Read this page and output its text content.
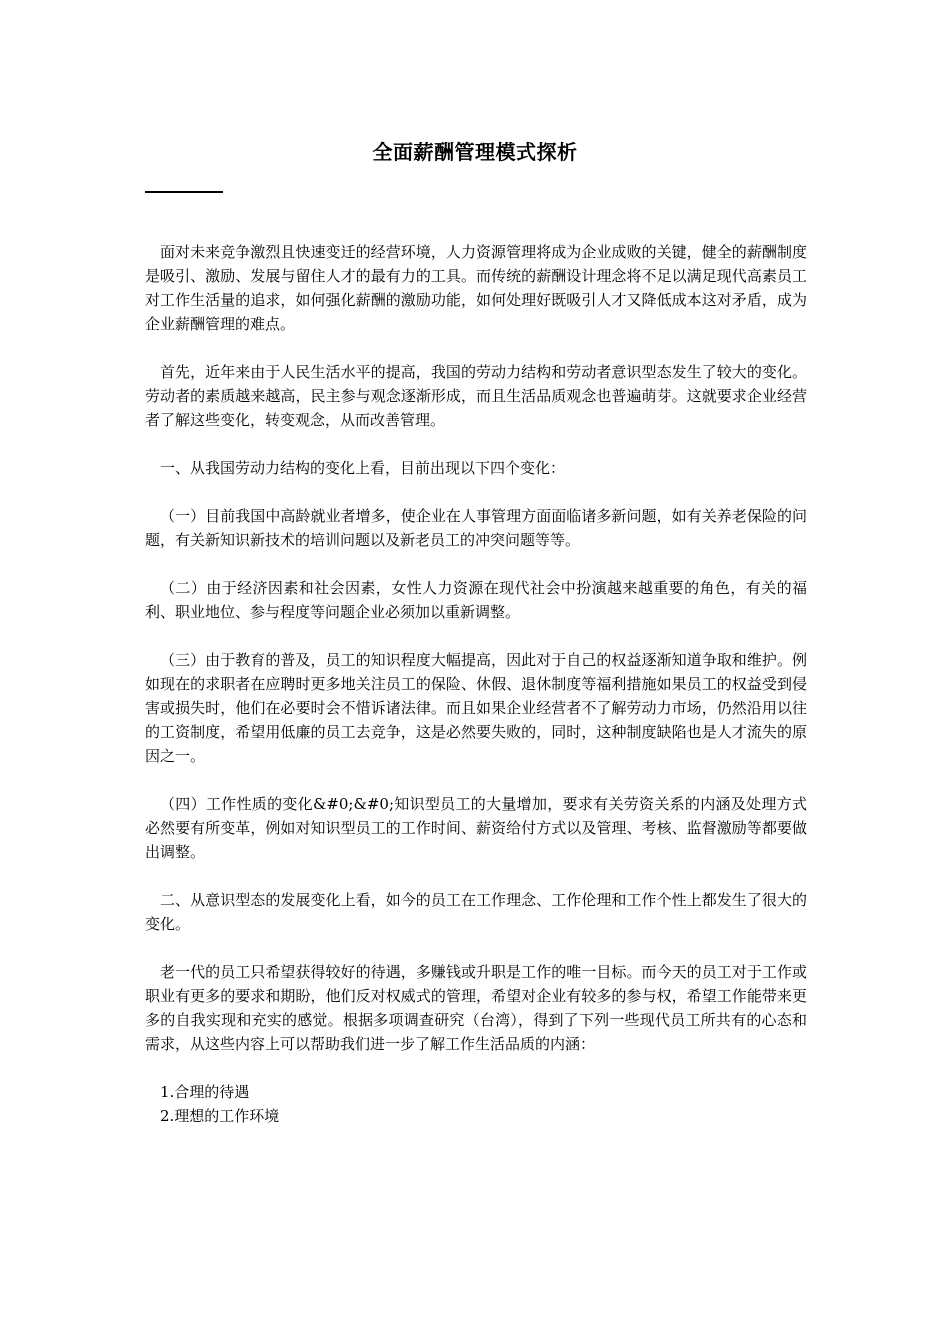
全面薪酬管理模式探析

面对未来竞争激烈且快速变迁的经营环境，人力资源管理将成为企业成败的关键，健全的薪酬制度是吸引、激励、发展与留住人才的最有力的工具。而传统的薪酬设计理念将不足以满足现代高素员工对工作生活量的追求，如何强化薪酬的激励功能，如何处理好既吸引人才又降低成本这对矛盾，成为企业薪酬管理的难点。

首先，近年来由于人民生活水平的提高，我国的劳动力结构和劳动者意识型态发生了较大的变化。劳动者的素质越来越高，民主参与观念逐渐形成，而且生活品质观念也普遍萌芽。这就要求企业经营者了解这些变化，转变观念，从而改善管理。

一、从我国劳动力结构的变化上看，目前出现以下四个变化：

（一）目前我国中高龄就业者增多，使企业在人事管理方面面临诸多新问题，如有关养老保险的问题，有关新知识新技术的培训问题以及新老员工的冲突问题等等。

（二）由于经济因素和社会因素，女性人力资源在现代社会中扮演越来越重要的角色，有关的福利、职业地位、参与程度等问题企业必须加以重新调整。

（三）由于教育的普及，员工的知识程度大幅提高，因此对于自己的权益逐渐知道争取和维护。例如现在的求职者在应聘时更多地关注员工的保险、休假、退休制度等福利措施如果员工的权益受到侵害或损失时，他们在必要时会不惜诉诸法律。而且如果企业经营者不了解劳动力市场，仍然沿用以往的工资制度，希望用低廉的员工去竞争，这是必然要失败的，同时，这种制度缺陷也是人才流失的原因之一。

（四）工作性质的变化&#0;&#0;知识型员工的大量增加，要求有关劳资关系的内涵及处理方式必然要有所变革，例如对知识型员工的工作时间、薪资给付方式以及管理、考核、监督激励等都要做出调整。

二、从意识型态的发展变化上看，如今的员工在工作理念、工作伦理和工作个性上都发生了很大的变化。

老一代的员工只希望获得较好的待遇，多赚钱或升职是工作的唯一目标。而今天的员工对于工作或职业有更多的要求和期盼，他们反对权威式的管理，希望对企业有较多的参与权，希望工作能带来更多的自我实现和充实的感觉。根据多项调查研究（台湾），得到了下列一些现代员工所共有的心态和需求，从这些内容上可以帮助我们进一步了解工作生活品质的内涵：

1.合理的待遇
2.理想的工作环境
